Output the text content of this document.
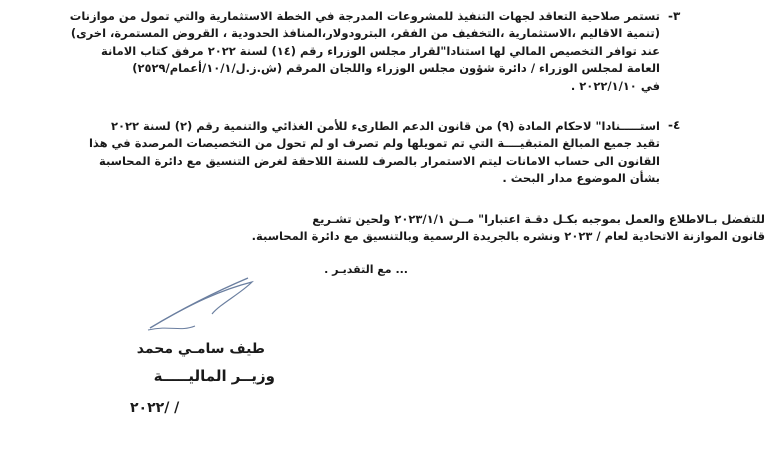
-٣
تستمر صلاحية التعاقد لجهات التنفيذ للمشروعات المدرجة في الخطة الاستثمارية والتي تمول من موازنات
(تنمية الاقاليم ،الاستثمارية ،التخفيف من الفقر، البترودولار،المنافذ الحدودية ، القروض المستمرة، اخرى)
عند توافر التخصيص المالي لها استنادا"لقرار مجلس الوزراء رقم (١٤) لسنة ٢٠٢٢ مرفق كتاب الامانة
العامة لمجلس الوزراء / دائرة شؤون مجلس الوزراء واللجان المرقم (ش.ز.ل/١٠/١/أعمام/٢٥٢٩)
في ٢٠٢٢/١/١٠ .
-٤
استـــــنادا" لاحكام المادة (٩) من قانون الدعم الطارىء للأمن الغذائي والتنمية رقم (٢) لسنة ٢٠٢٢
تقيد جميع المبالغ المتبقيــــة التي تم تمويلها ولم تصرف او لم تحول من التخصيصات المرصدة في هذا
القانون الى حساب الامانات ليتم الاستمرار بالصرف للسنة اللاحقة لغرض التنسيق مع دائرة المحاسبة
بشأن الموضوع مدار البحث .
للتفضل بـالاطلاع والعمل بموجبه بكـل دقـة اعتبارا" مــن ٢٠٢٣/١/١ ولحين تشـريع
قانون الموازنة الاتحادية لعام / ٢٠٢٣ ونشره بالجريدة الرسمية وبالتنسيق مع دائرة المحاسبة.
... مع التقديـر .
طيف سامـي محمد
وزيــر الماليـــــة
٢٠٢٢/ /
